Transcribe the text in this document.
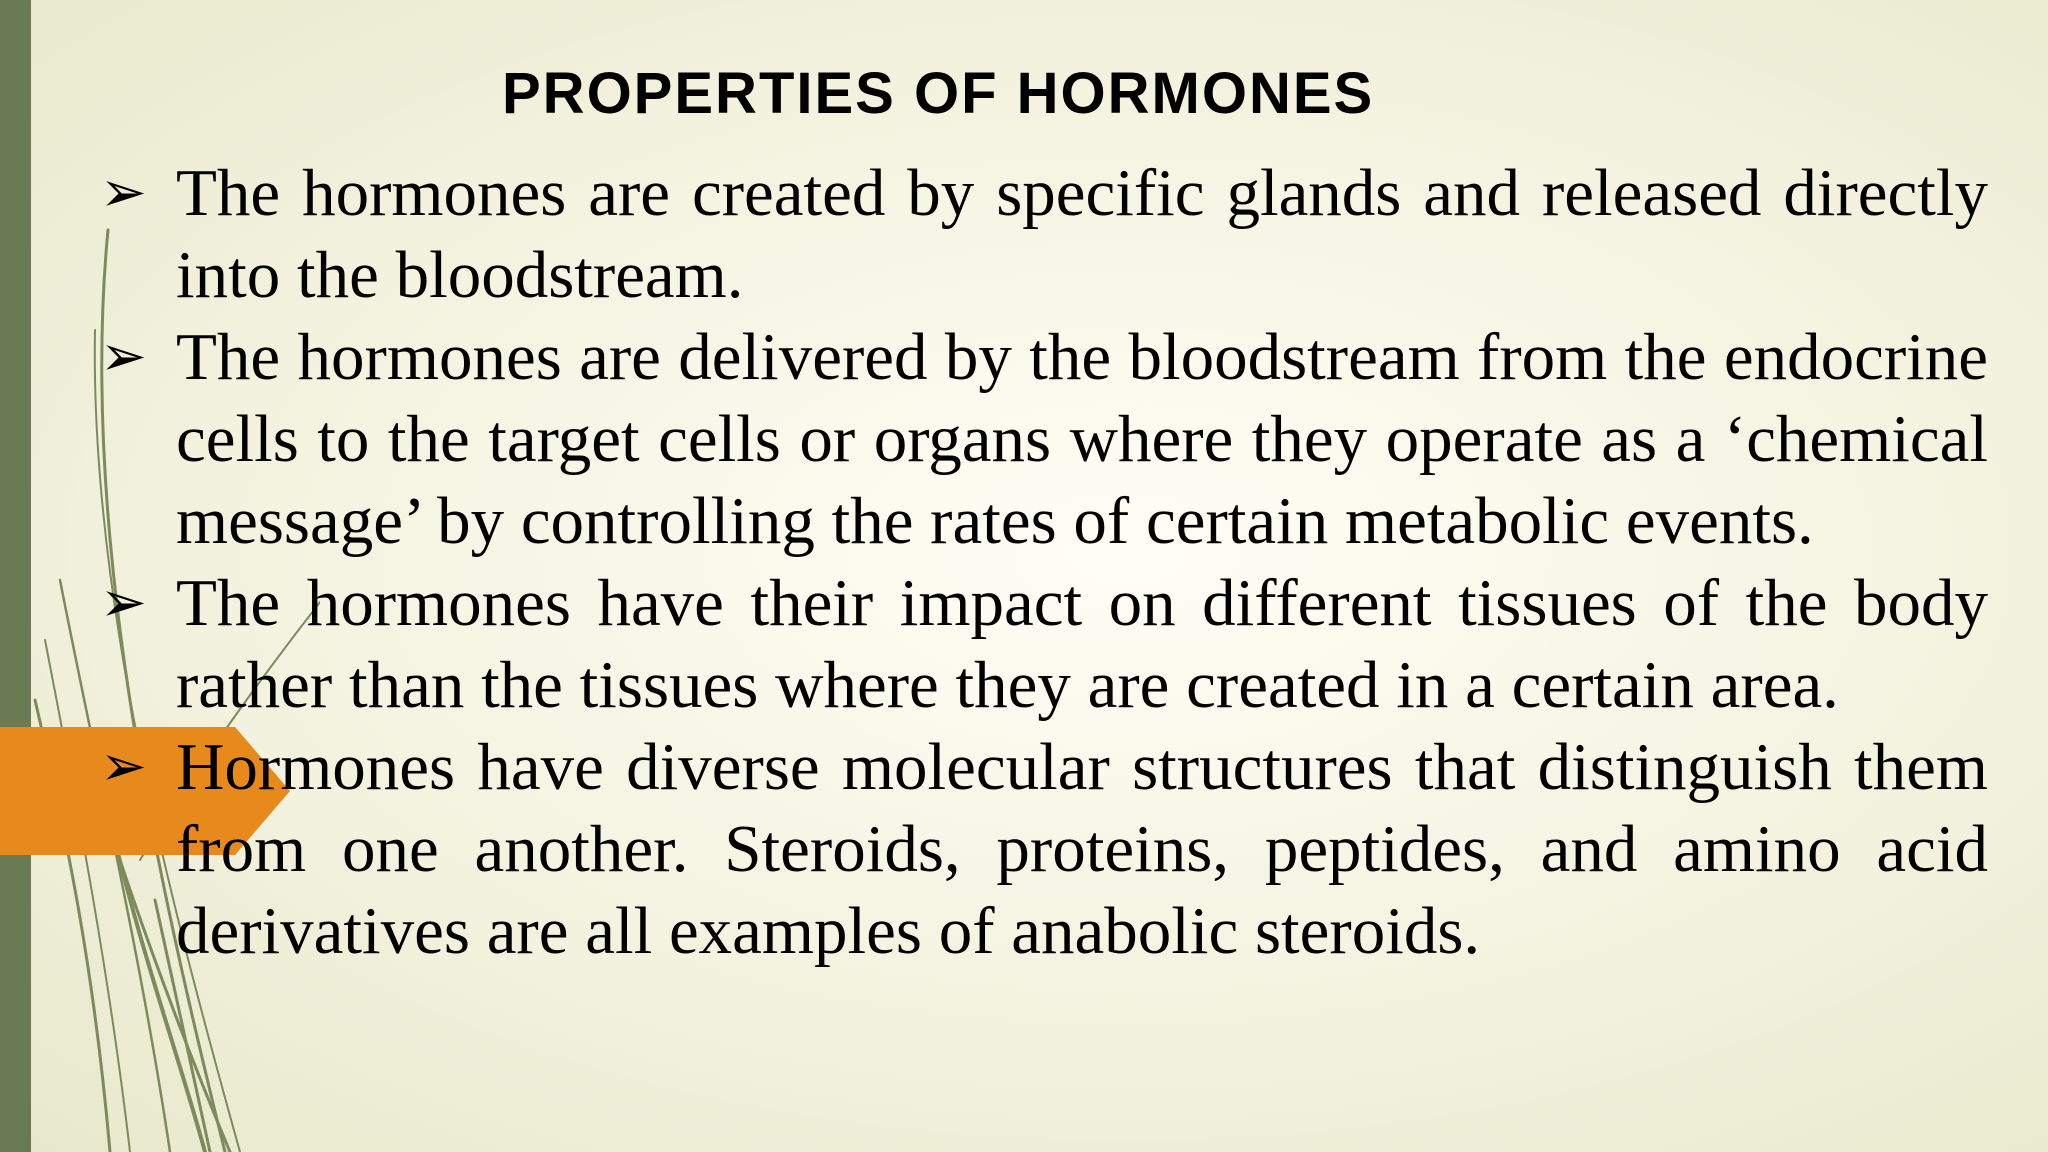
PROPERTIES OF HORMONES
➢ The hormones are created by specific glands and released directly into the bloodstream.
➢ The hormones are delivered by the bloodstream from the endocrine cells to the target cells or organs where they operate as a ‘chemical message’ by controlling the rates of certain metabolic events.
➢ The hormones have their impact on different tissues of the body rather than the tissues where they are created in a certain area.
➢ Hormones have diverse molecular structures that distinguish them from one another. Steroids, proteins, peptides, and amino acid derivatives are all examples of anabolic steroids.
